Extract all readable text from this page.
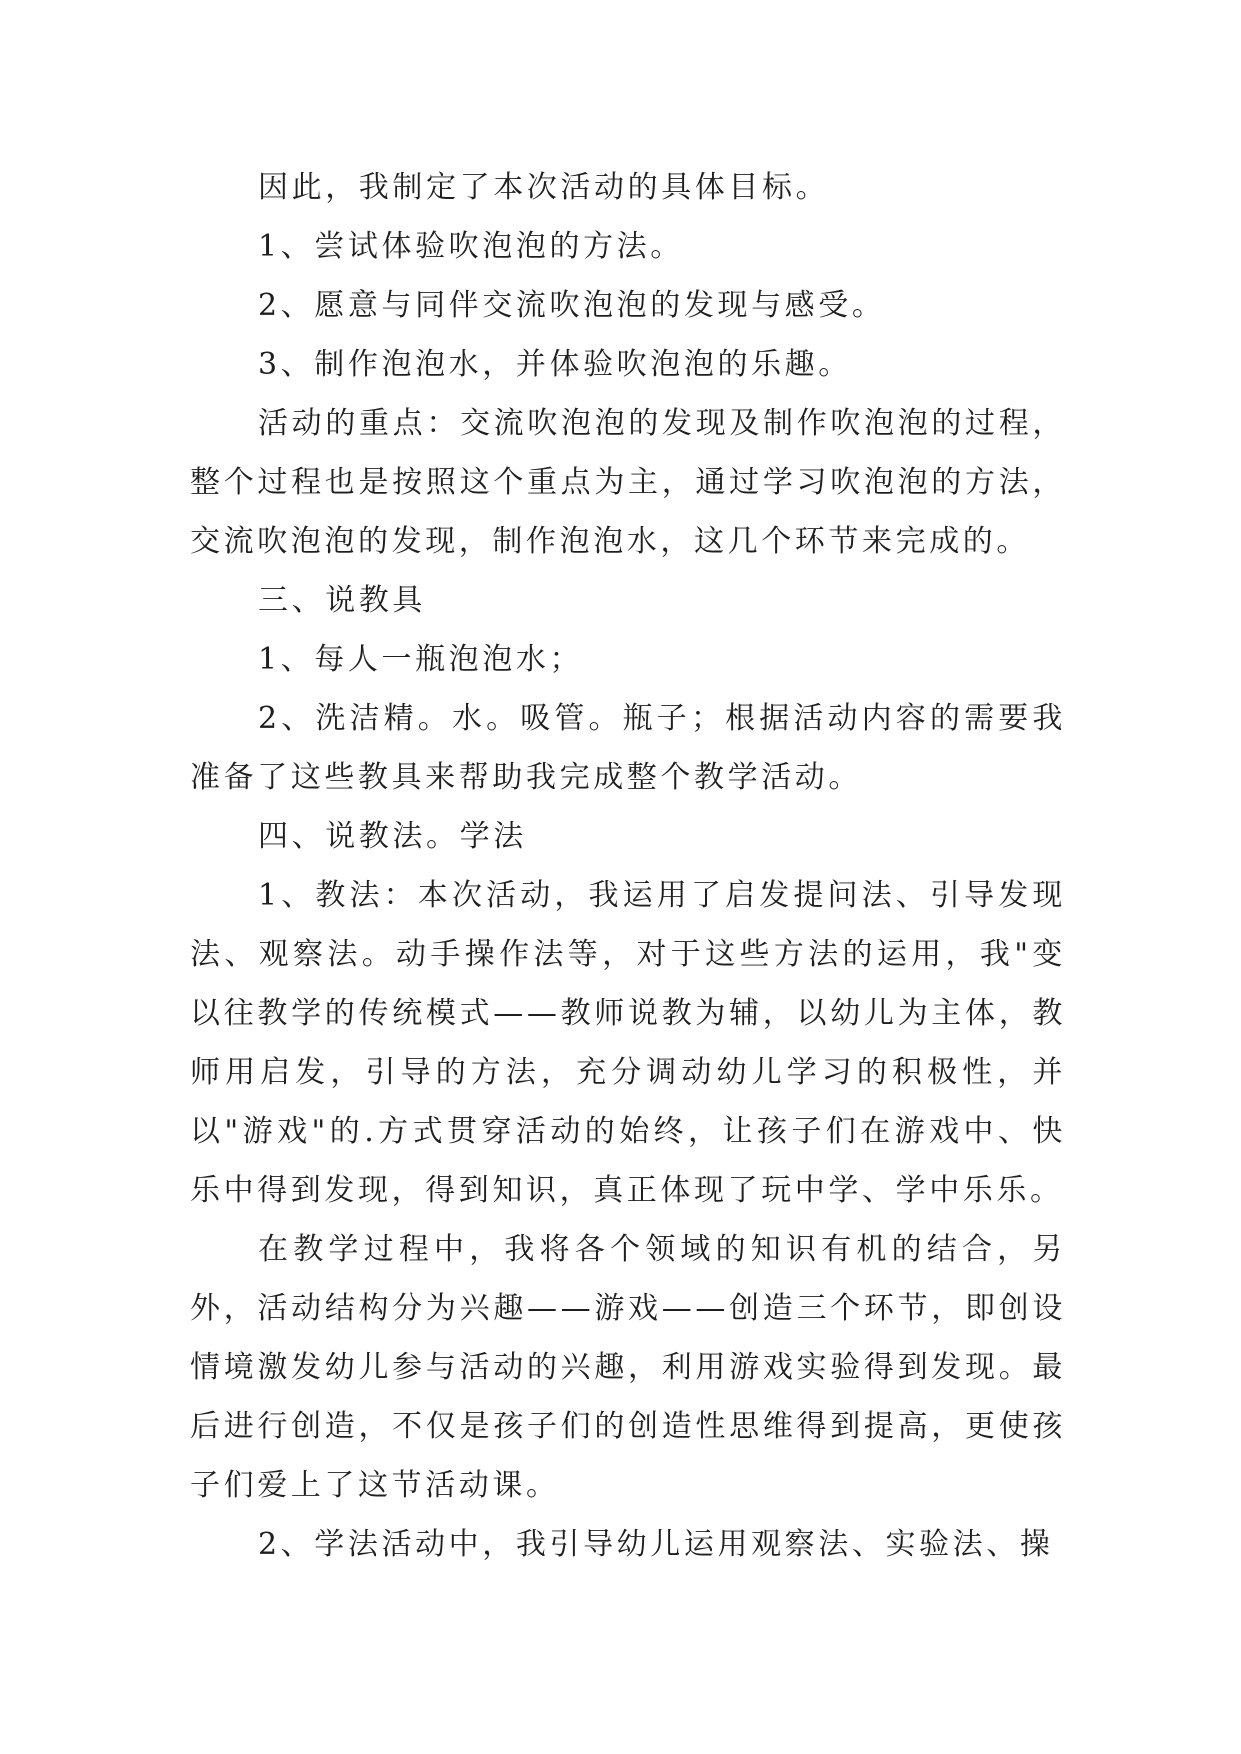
因此，我制定了本次活动的具体目标。

1、尝试体验吹泡泡的方法。

2、愿意与同伴交流吹泡泡的发现与感受。

3、制作泡泡水，并体验吹泡泡的乐趣。

活动的重点：交流吹泡泡的发现及制作吹泡泡的过程，整个过程也是按照这个重点为主，通过学习吹泡泡的方法，交流吹泡泡的发现，制作泡泡水，这几个环节来完成的。

三、说教具

1、每人一瓶泡泡水；

2、洗洁精。水。吸管。瓶子；根据活动内容的需要我准备了这些教具来帮助我完成整个教学活动。

四、说教法。学法

1、教法：本次活动，我运用了启发提问法、引导发现法、观察法。动手操作法等，对于这些方法的运用，我"变以往教学的传统模式——教师说教为辅，以幼儿为主体，教师用启发，引导的方法，充分调动幼儿学习的积极性，并以"游戏"的.方式贯穿活动的始终，让孩子们在游戏中、快乐中得到发现，得到知识，真正体现了玩中学、学中乐乐。

在教学过程中，我将各个领域的知识有机的结合，另外，活动结构分为兴趣——游戏——创造三个环节，即创设情境激发幼儿参与活动的兴趣，利用游戏实验得到发现。最后进行创造，不仅是孩子们的创造性思维得到提高，更使孩子们爱上了这节活动课。

2、学法活动中，我引导幼儿运用观察法、实验法、操
